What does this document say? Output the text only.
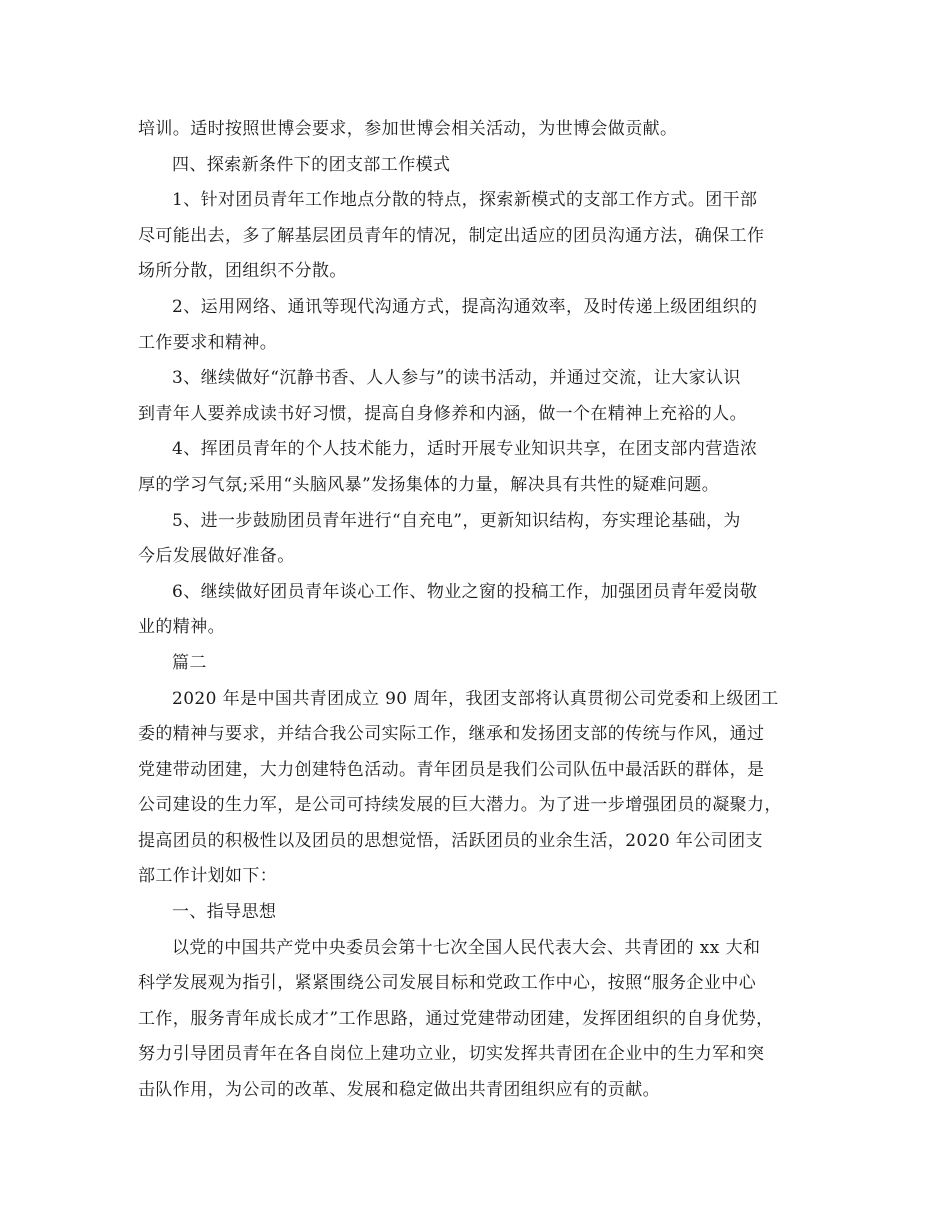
培训。适时按照世博会要求，参加世博会相关活动，为世博会做贡献。
四、探索新条件下的团支部工作模式
1、针对团员青年工作地点分散的特点，探索新模式的支部工作方式。团干部
尽可能出去，多了解基层团员青年的情况，制定出适应的团员沟通方法，确保工作
场所分散，团组织不分散。
2、运用网络、通讯等现代沟通方式，提高沟通效率，及时传递上级团组织的
工作要求和精神。
3、继续做好“沉静书香、人人参与”的读书活动，并通过交流，让大家认识
到青年人要养成读书好习惯，提高自身修养和内涵，做一个在精神上充裕的人。
4、挥团员青年的个人技术能力，适时开展专业知识共享，在团支部内营造浓
厚的学习气氛;采用“头脑风暴”发扬集体的力量，解决具有共性的疑难问题。
5、进一步鼓励团员青年进行“自充电”，更新知识结构，夯实理论基础，为
今后发展做好准备。
6、继续做好团员青年谈心工作、物业之窗的投稿工作，加强团员青年爱岗敬
业的精神。
篇二
2020 年是中国共青团成立 90 周年，我团支部将认真贯彻公司党委和上级团工
委的精神与要求，并结合我公司实际工作，继承和发扬团支部的传统与作风，通过
党建带动团建，大力创建特色活动。青年团员是我们公司队伍中最活跃的群体，是
公司建设的生力军，是公司可持续发展的巨大潜力。为了进一步增强团员的凝聚力，
提高团员的积极性以及团员的思想觉悟，活跃团员的业余生活，2020 年公司团支
部工作计划如下：
一、指导思想
以党的中国共产党中央委员会第十七次全国人民代表大会、共青团的 xx 大和
科学发展观为指引，紧紧围绕公司发展目标和党政工作中心，按照“服务企业中心
工作，服务青年成长成才”工作思路，通过党建带动团建，发挥团组织的自身优势，
努力引导团员青年在各自岗位上建功立业，切实发挥共青团在企业中的生力军和突
击队作用，为公司的改革、发展和稳定做出共青团组织应有的贡献。
